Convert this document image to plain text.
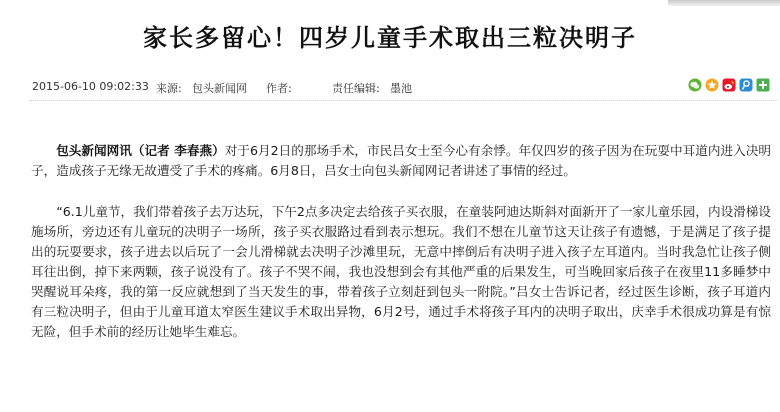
家长多留心！四岁儿童手术取出三粒决明子
2015-06-10 09:02:33 来源: 包头新闻网 作者:	责任编辑: 墨池

包头新闻网讯（记者 李春燕）对于6月2日的那场手术，市民吕女士至今心有余悸。年仅四岁的孩子因为在玩耍中耳道内进入决明子，造成孩子无缘无故遭受了手术的疼痛。6月8日，吕女士向包头新闻网记者讲述了事情的经过。

“6.1儿童节，我们带着孩子去万达玩，下午2点多决定去给孩子买衣服，在童装阿迪达斯斜对面新开了一家儿童乐园，内设滑梯设施场所，旁边还有儿童玩的决明子一场所，孩子买衣服路过看到表示想玩。我们不想在儿童节这天让孩子有遗憾，于是满足了孩子提出的玩耍要求，孩子进去以后玩了一会儿滑梯就去决明子沙滩里玩，无意中摔倒后有决明子进入孩子左耳道内。当时我急忙让孩子侧耳往出倒，掉下来两颗，孩子说没有了。孩子不哭不闹，我也没想到会有其他严重的后果发生，可当晚回家后孩子在夜里11多睡梦中哭醒说耳朵疼，我的第一反应就想到了当天发生的事，带着孩子立刻赶到包头一附院。”吕女士告诉记者，经过医生诊断，孩子耳道内有三粒决明子，但由于儿童耳道太窄医生建议手术取出异物，6月2号，通过手术将孩子耳内的决明子取出，庆幸手术很成功算是有惊无险，但手术前的经历让她毕生难忘。
